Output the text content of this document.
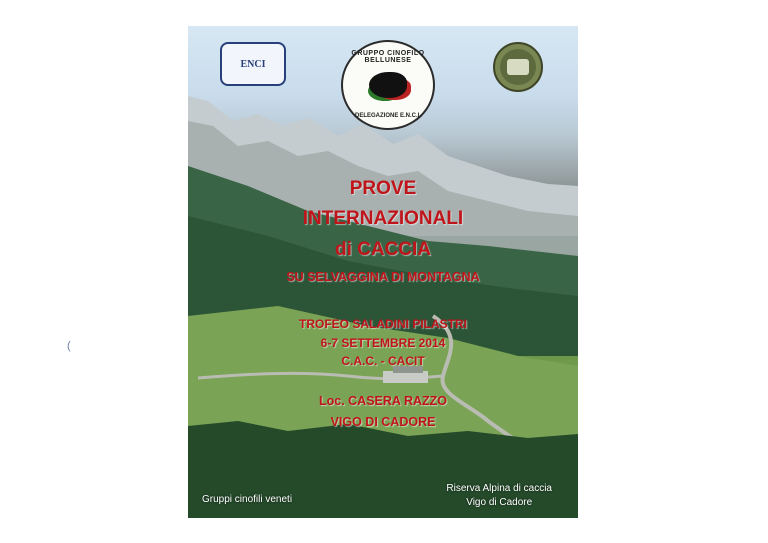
(
ENCI
GRUPPO CINOFILO BELLUNESE
DELEGAZIONE E.N.C.I.

PROVE

INTERNAZIONALI

di CACCIA

SU SELVAGGINA DI MONTAGNA

TROFEO SALADINI PILASTRI
6-7 SETTEMBRE 2014
C.A.C. - CACIT
Loc. CASERA RAZZO
VIGO DI CADORE
Gruppi cinofili veneti
Riserva Alpina di caccia
Vigo di Cadore
